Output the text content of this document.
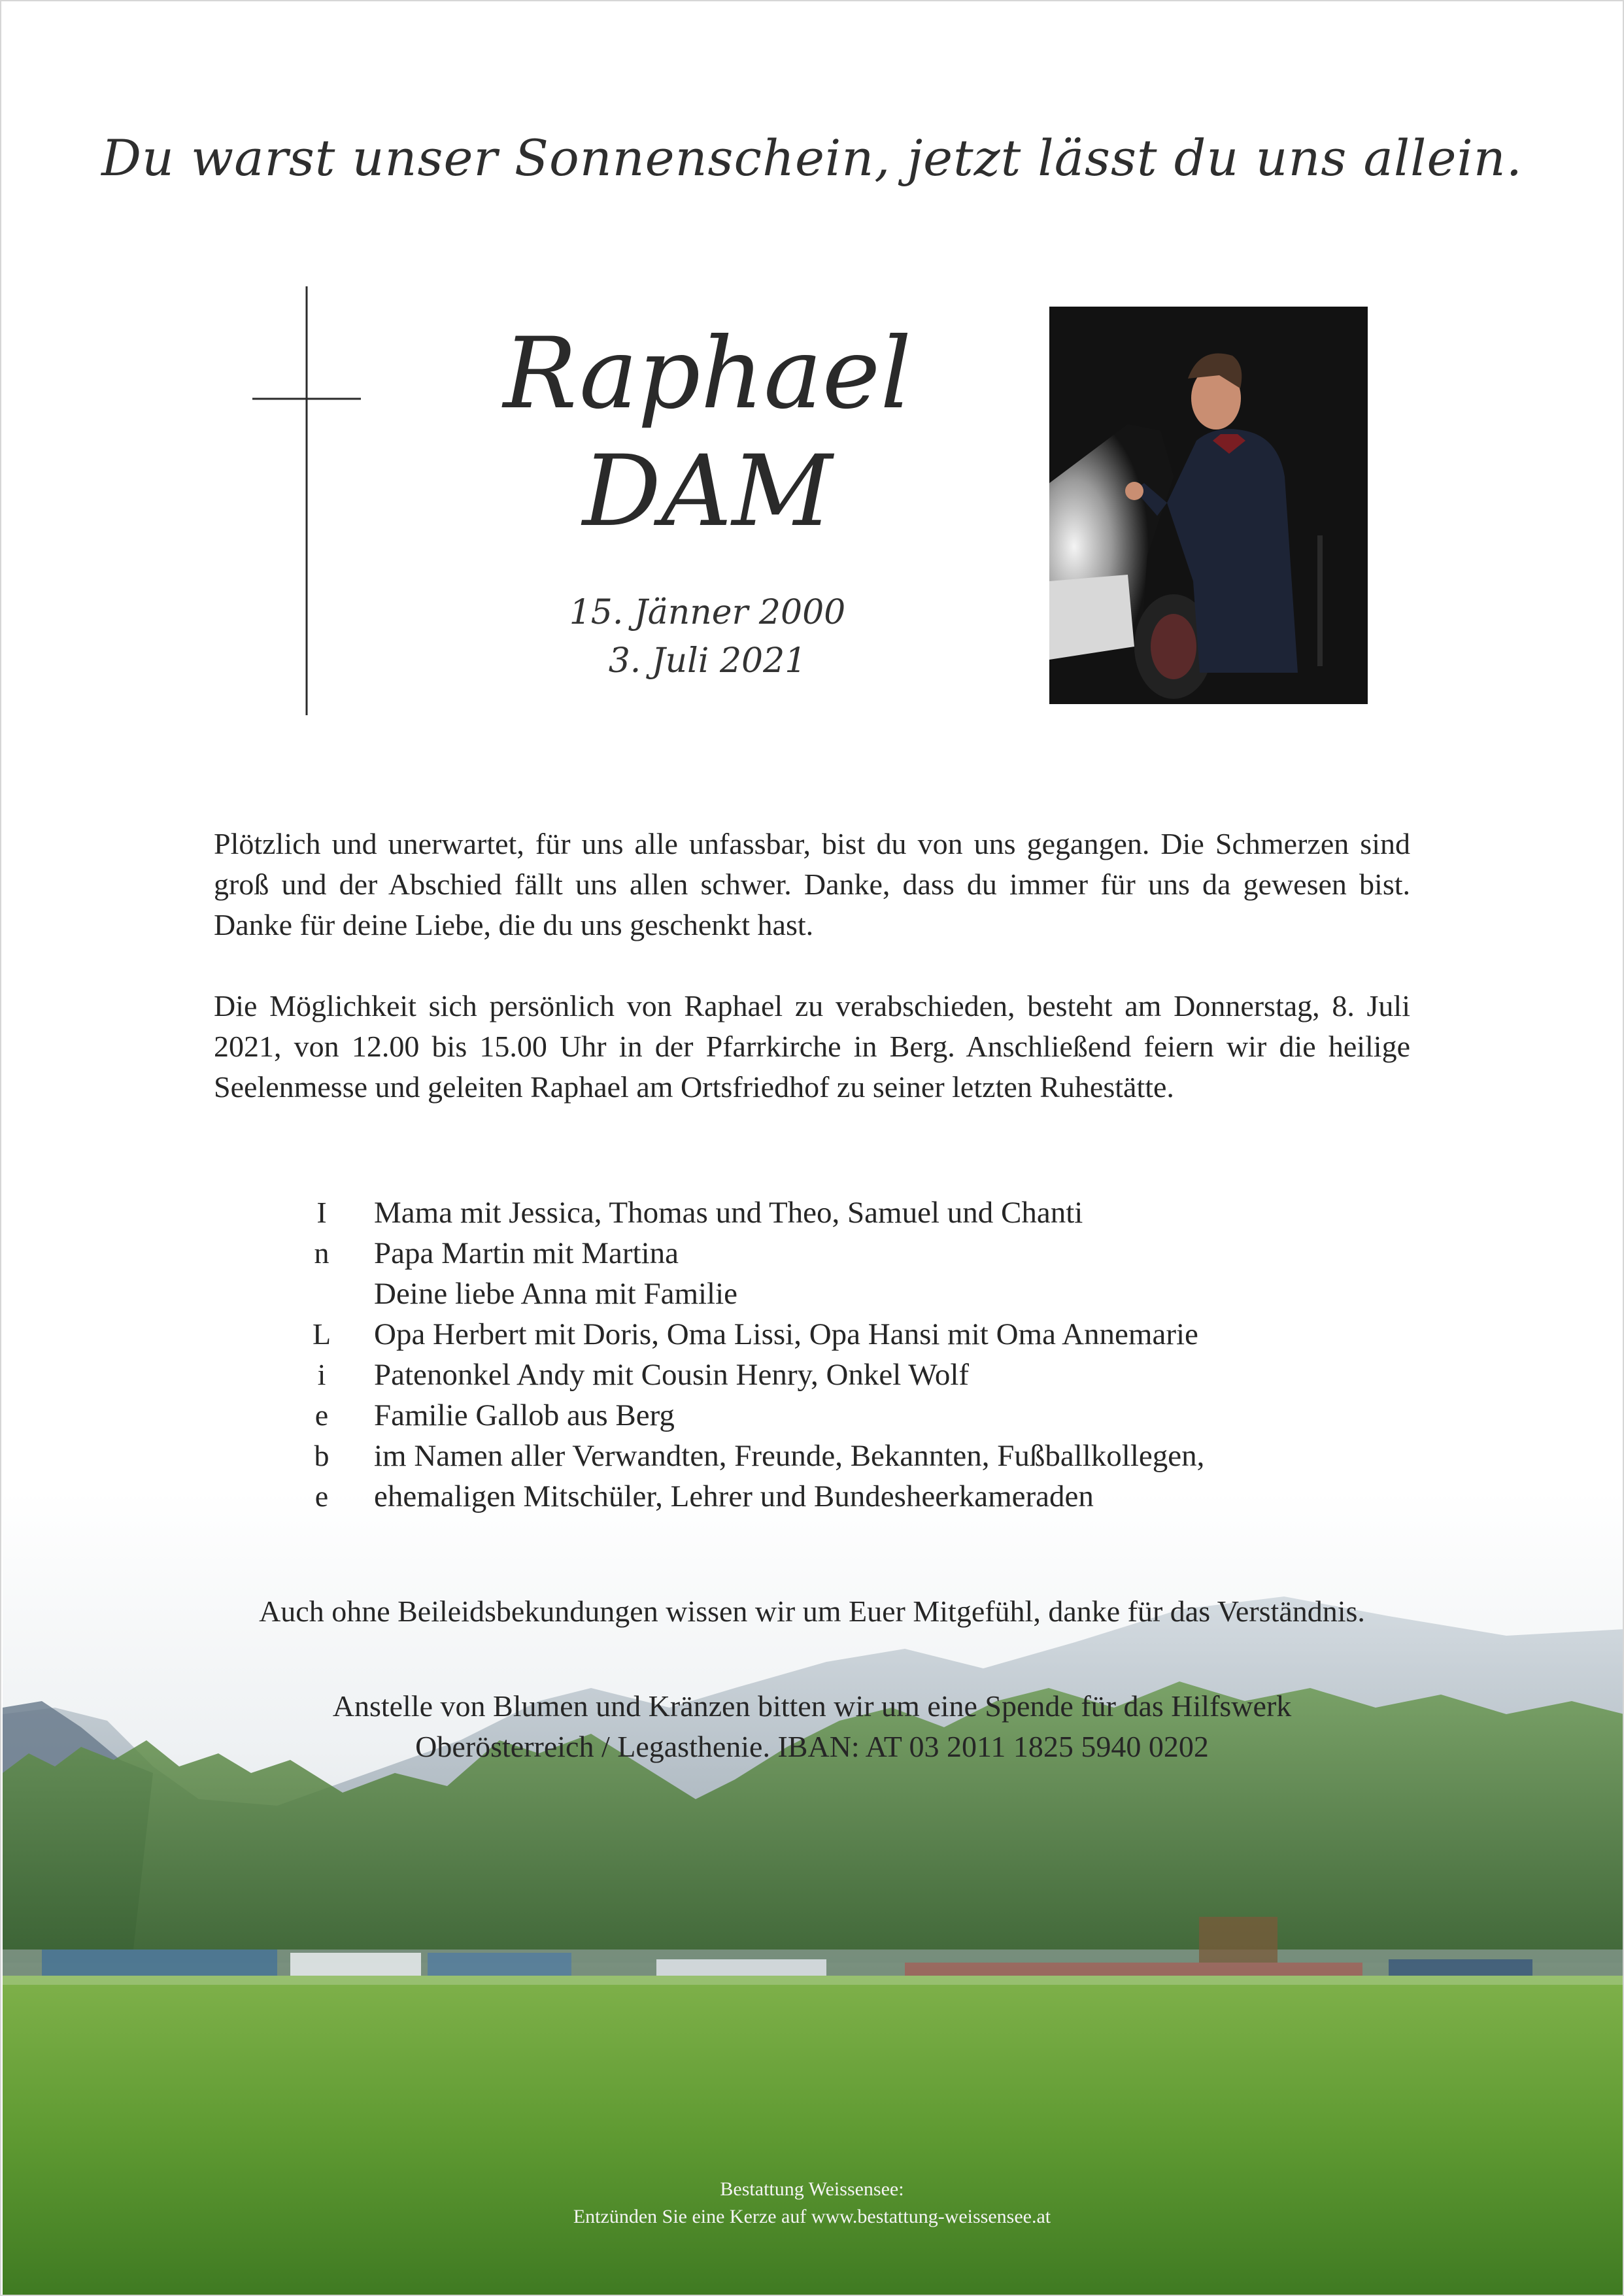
Du warst unser Sonnenschein, jetzt lässt du uns allein.
Raphael
DAM
15. Jänner 2000
3. Juli 2021
Plötzlich und unerwartet, für uns alle unfassbar, bist du von uns gegangen. Die Schmerzen sind groß und der Abschied fällt uns allen schwer. Danke, dass du immer für uns da gewesen bist. Danke für deine Liebe, die du uns geschenkt hast.
Die Möglichkeit sich persönlich von Raphael zu verabschieden, besteht am Donnerstag, 8. Juli 2021, von 12.00 bis 15.00 Uhr in der Pfarrkirche in Berg. Anschließend feiern wir die heilige Seelenmesse und geleiten Raphael am Ortsfriedhof zu seiner letzten Ruhestätte.
I	Mama mit Jessica, Thomas und Theo, Samuel und Chanti
n	Papa Martin mit Martina
Deine liebe Anna mit Familie
L	Opa Herbert mit Doris, Oma Lissi, Opa Hansi mit Oma Annemarie
i	Patenonkel Andy mit Cousin Henry, Onkel Wolf
e	Familie Gallob aus Berg
b	im Namen aller Verwandten, Freunde, Bekannten, Fußballkollegen,
e	ehemaligen Mitschüler, Lehrer und Bundesheerkameraden
Auch ohne Beileidsbekundungen wissen wir um Euer Mitgefühl, danke für das Verständnis.
Anstelle von Blumen und Kränzen bitten wir um eine Spende für das Hilfswerk
Oberösterreich / Legasthenie. IBAN: AT 03 2011 1825 5940 0202
Bestattung Weissensee:
Entzünden Sie eine Kerze auf www.bestattung-weissensee.at
